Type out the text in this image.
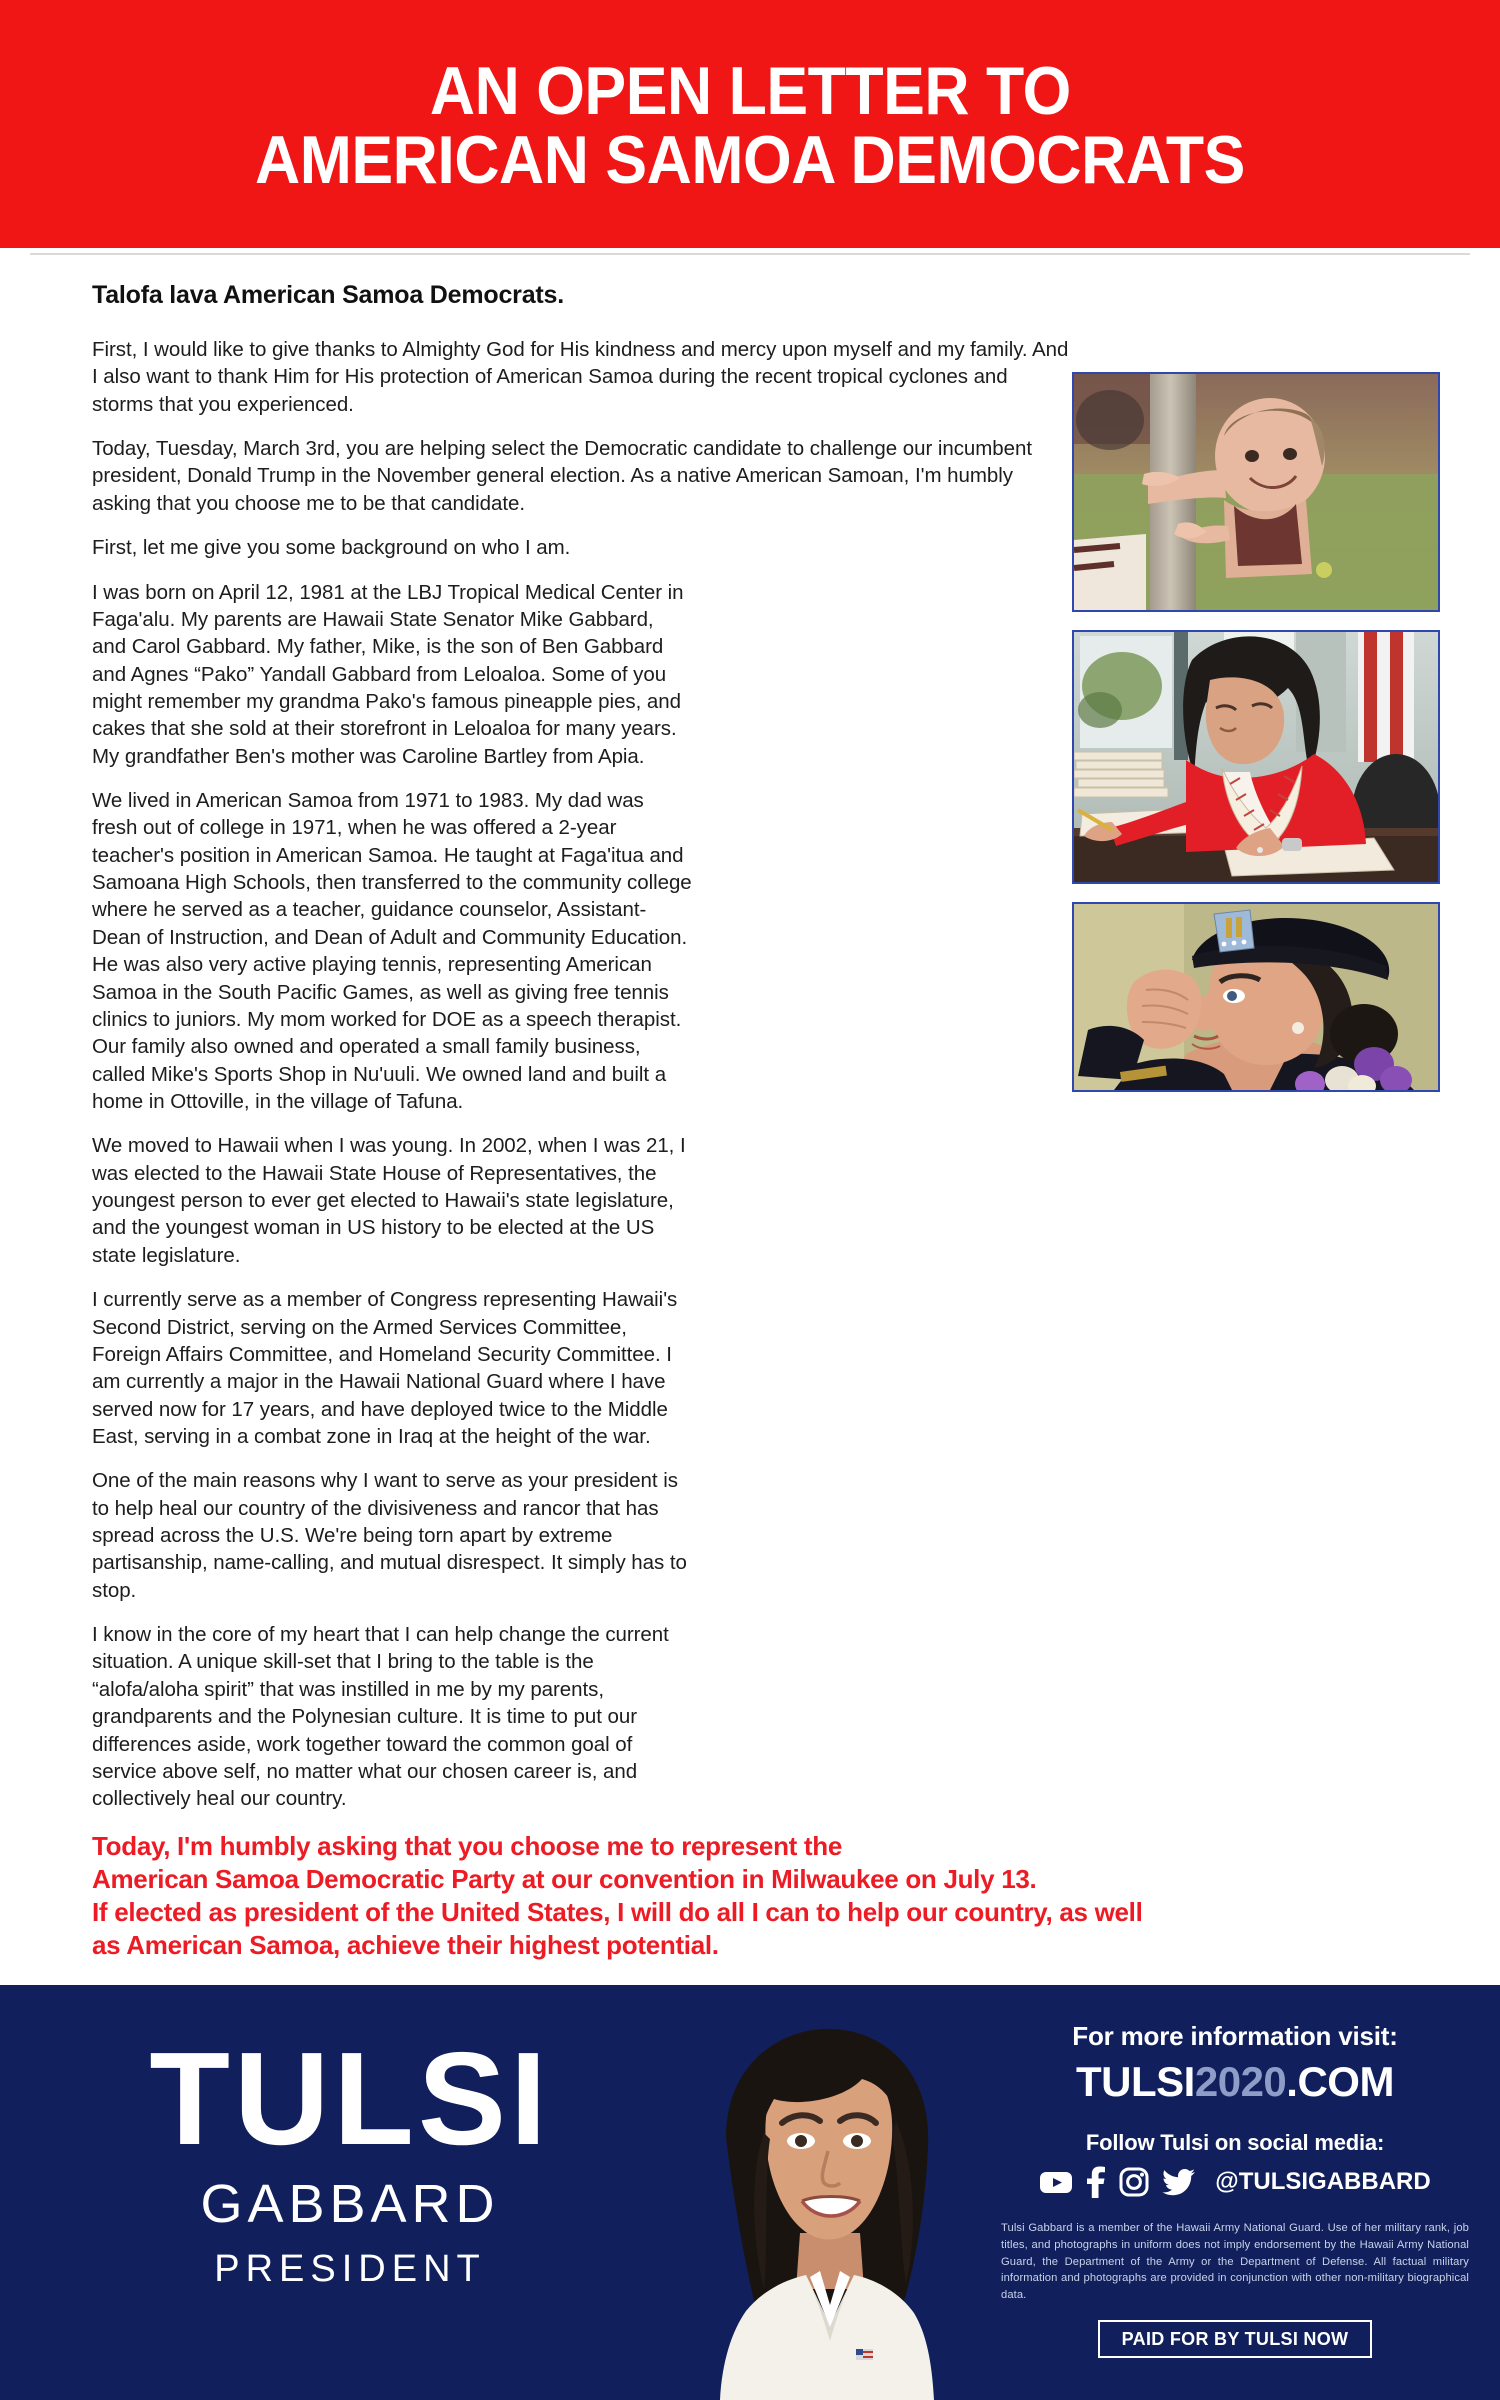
AN OPEN LETTER TO
AMERICAN SAMOA DEMOCRATS
Talofa lava American Samoa Democrats.

First, I would like to give thanks to Almighty God for His kindness and mercy upon myself and my family. And I also want to thank Him for His protection of American Samoa during the recent tropical cyclones and storms that you experienced.

Today, Tuesday, March 3rd, you are helping select the Democratic candidate to challenge our incumbent president, Donald Trump in the November general election. As a native American Samoan, I'm humbly asking that you choose me to be that candidate.

First, let me give you some background on who I am.

I was born on April 12, 1981 at the LBJ Tropical Medical Center in Faga'alu. My parents are Hawaii State Senator Mike Gabbard, and Carol Gabbard. My father, Mike, is the son of Ben Gabbard and Agnes “Pako” Yandall Gabbard from Leloaloa. Some of you might remember my grandma Pako's famous pineapple pies, and cakes that she sold at their storefront in Leloaloa for many years. My grandfather Ben's mother was Caroline Bartley from Apia.

We lived in American Samoa from 1971 to 1983. My dad was fresh out of college in 1971, when he was offered a 2-year teacher's position in American Samoa. He taught at Faga'itua and Samoana High Schools, then transferred to the community college where he served as a teacher, guidance counselor, Assistant-Dean of Instruction, and Dean of Adult and Community Education. He was also very active playing tennis, representing American Samoa in the South Pacific Games, as well as giving free tennis clinics to juniors. My mom worked for DOE as a speech therapist. Our family also owned and operated a small family business, called Mike's Sports Shop in Nu'uuli. We owned land and built a home in Ottoville, in the village of Tafuna.

We moved to Hawaii when I was young. In 2002, when I was 21, I was elected to the Hawaii State House of Representatives, the youngest person to ever get elected to Hawaii's state legislature, and the youngest woman in US history to be elected at the US state legislature.

I currently serve as a member of Congress representing Hawaii's Second District, serving on the Armed Services Committee, Foreign Affairs Committee, and Homeland Security Committee. I am currently a major in the Hawaii National Guard where I have served now for 17 years, and have deployed twice to the Middle East, serving in a combat zone in Iraq at the height of the war.

One of the main reasons why I want to serve as your president is to help heal our country of the divisiveness and rancor that has spread across the U.S. We're being torn apart by extreme partisanship, name-calling, and mutual disrespect. It simply has to stop.

I know in the core of my heart that I can help change the current situation. A unique skill-set that I bring to the table is the “alofa/aloha spirit” that was instilled in me by my parents, grandparents and the Polynesian culture. It is time to put our differences aside, work together toward the common goal of service above self, no matter what our chosen career is, and collectively heal our country.

Today, I'm humbly asking that you choose me to represent the
American Samoa Democratic Party at our convention in Milwaukee on July 13.
If elected as president of the United States, I will do all I can to help our country, as well
as American Samoa, achieve their highest potential.
TULSI
GABBARD
PRESIDENT
For more information visit:
TULSI2020.COM
Follow Tulsi on social media:
@TULSIGABBARD
Tulsi Gabbard is a member of the Hawaii Army National Guard. Use of her military rank, job titles, and photographs in uniform does not imply endorsement by the Hawaii Army National Guard, the Department of the Army or the Department of Defense. All factual military information and photographs are provided in conjunction with other non-military biographical data.
PAID FOR BY TULSI NOW
